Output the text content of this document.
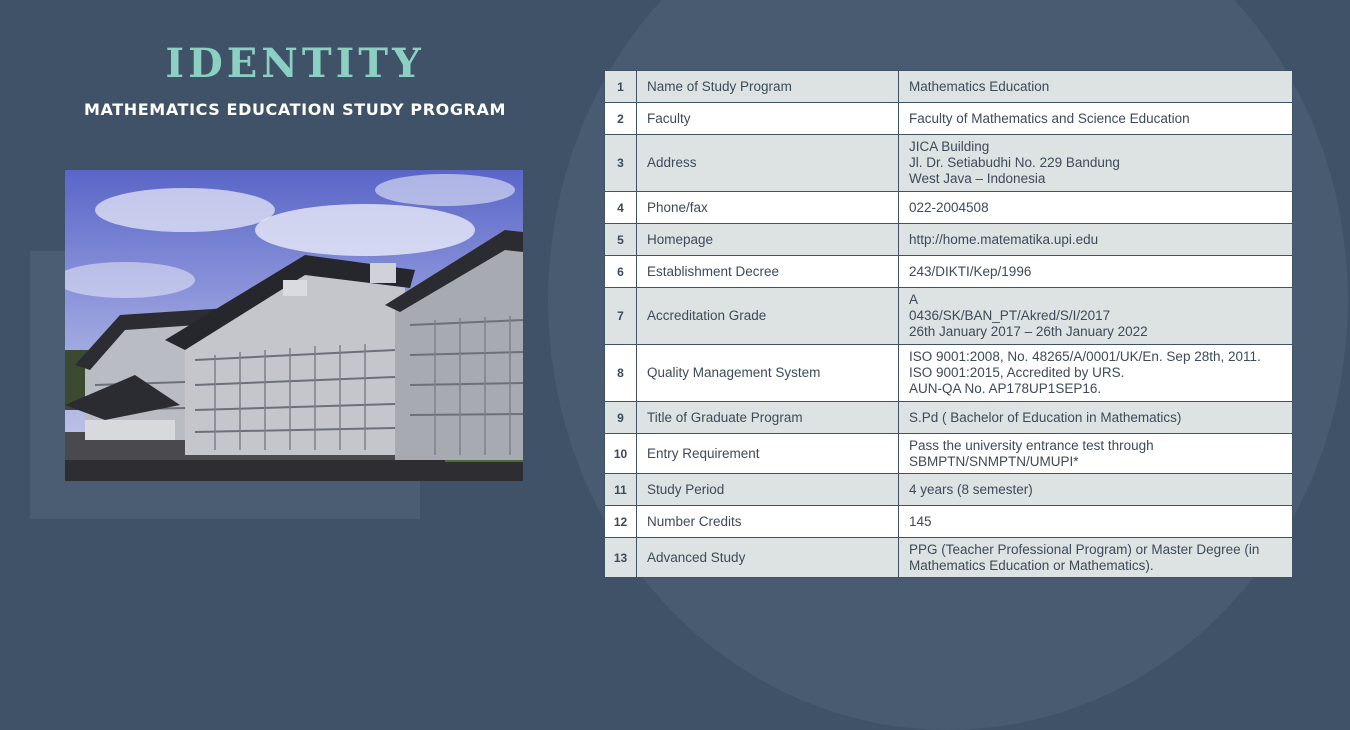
IDENTITY

MATHEMATICS EDUCATION STUDY PROGRAM

1	Name of Study Program	Mathematics Education

2	Faculty	Faculty of Mathematics and Science Education

3	Address	JICA Building
Jl. Dr. Setiabudhi No. 229 Bandung
West Java – Indonesia

4	Phone/fax	022-2004508

5	Homepage	http://home.matematika.upi.edu

6	Establishment Decree	243/DIKTI/Kep/1996

7	Accreditation Grade	A
0436/SK/BAN_PT/Akred/S/I/2017
26th January 2017 – 26th January 2022

8	Quality Management System	ISO 9001:2008, No. 48265/A/0001/UK/En. Sep 28th, 2011.
ISO 9001:2015, Accredited by URS.
AUN-QA No. AP178UP1SEP16.

9	Title of Graduate Program	S.Pd ( Bachelor of Education in Mathematics)

10	Entry Requirement	Pass the university entrance test through
SBMPTN/SNMPTN/UMUPI*

11	Study Period	4 years (8 semester)

12	Number Credits	145

13	Advanced Study	PPG (Teacher Professional Program) or Master Degree (in
Mathematics Education or Mathematics).
